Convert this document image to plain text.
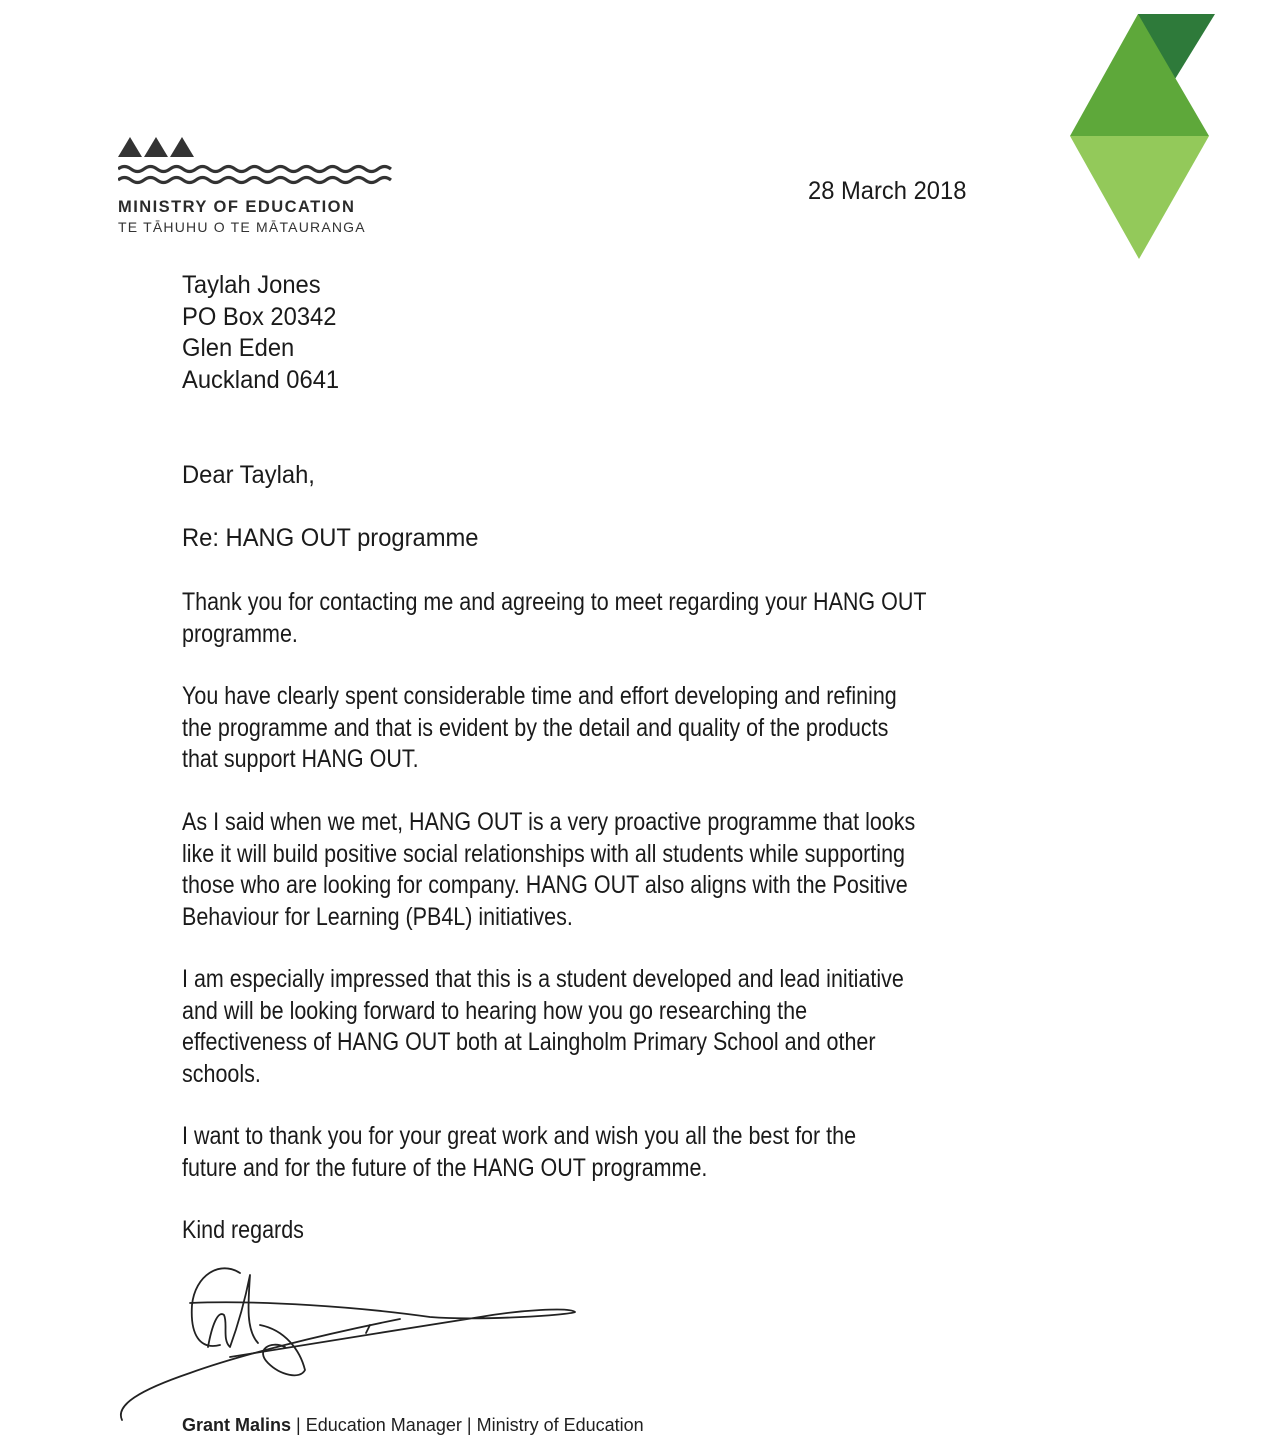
MINISTRY OF EDUCATION
TE TĀHUHU O TE MĀTAURANGA
28 March 2018
Taylah Jones
PO Box 20342
Glen Eden
Auckland 0641
Dear Taylah,
Re: HANG OUT programme
Thank you for contacting me and agreeing to meet regarding your HANG OUT
programme.
You have clearly spent considerable time and effort developing and refining
the programme and that is evident by the detail and quality of the products
that support HANG OUT.
As I said when we met, HANG OUT is a very proactive programme that looks
like it will build positive social relationships with all students while supporting
those who are looking for company. HANG OUT also aligns with the Positive
Behaviour for Learning (PB4L) initiatives.
I am especially impressed that this is a student developed and lead initiative
and will be looking forward to hearing how you go researching the
effectiveness of HANG OUT both at Laingholm Primary School and other
schools.
I want to thank you for your great work and wish you all the best for the
future and for the future of the HANG OUT programme.
Kind regards
Grant Malins | Education Manager | Ministry of Education
